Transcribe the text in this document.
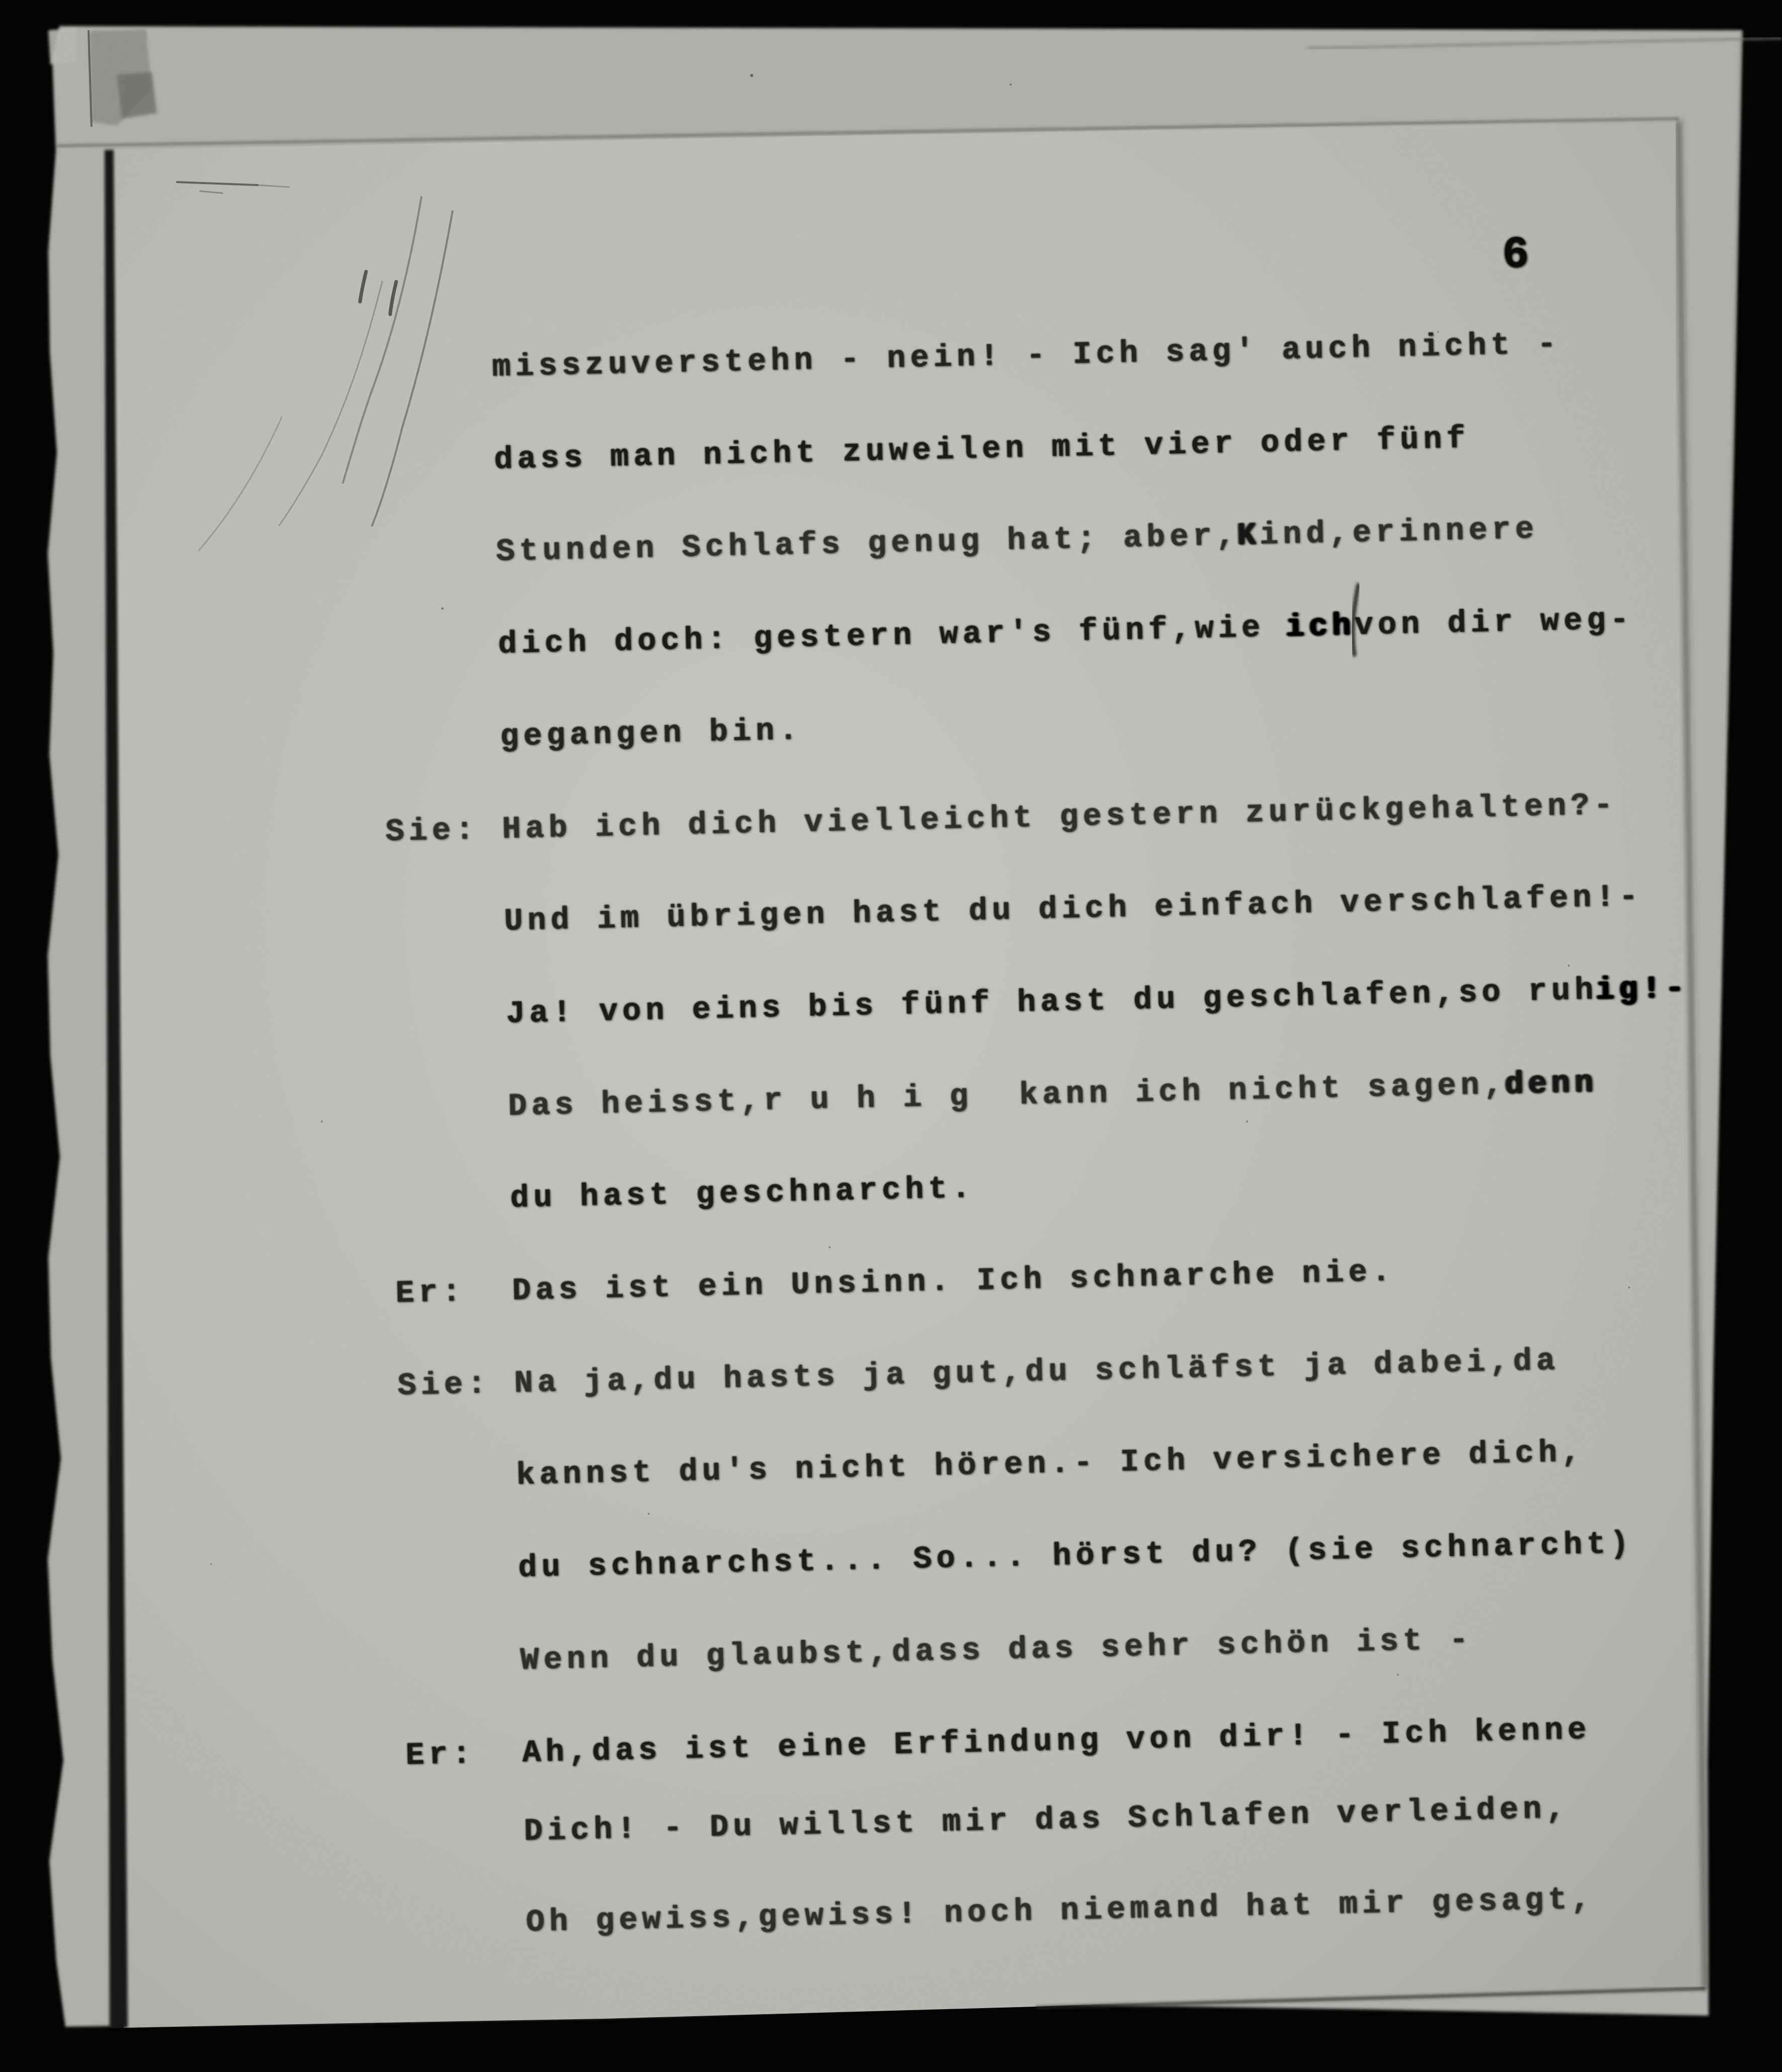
6
misszuverstehn - nein! - Ich sag' auch nicht -
dass man nicht zuweilen mit vier oder fünf
Stunden Schlafs genug hat; aber,Kind,erinnere
dich doch: gestern war's fünf,wie ichvon dir weg-
gegangen bin.
Sie: Hab ich dich vielleicht gestern zurückgehalten?-
Und im übrigen hast du dich einfach verschlafen!-
Ja! von eins bis fünf hast du geschlafen,so ruhig!-
Das heisst,r u h i g  kann ich nicht sagen,denn
du hast geschnarcht.
Er: Das ist ein Unsinn. Ich schnarche nie.
Sie: Na ja,du hasts ja gut,du schläfst ja dabei,da
kannst du's nicht hören.- Ich versichere dich,
du schnarchst... So... hörst du? (sie schnarcht)
Wenn du glaubst,dass das sehr schön ist -
Er: Ah,das ist eine Erfindung von dir! - Ich kenne
Dich! - Du willst mir das Schlafen verleiden,
Oh gewiss,gewiss! noch niemand hat mir gesagt,
